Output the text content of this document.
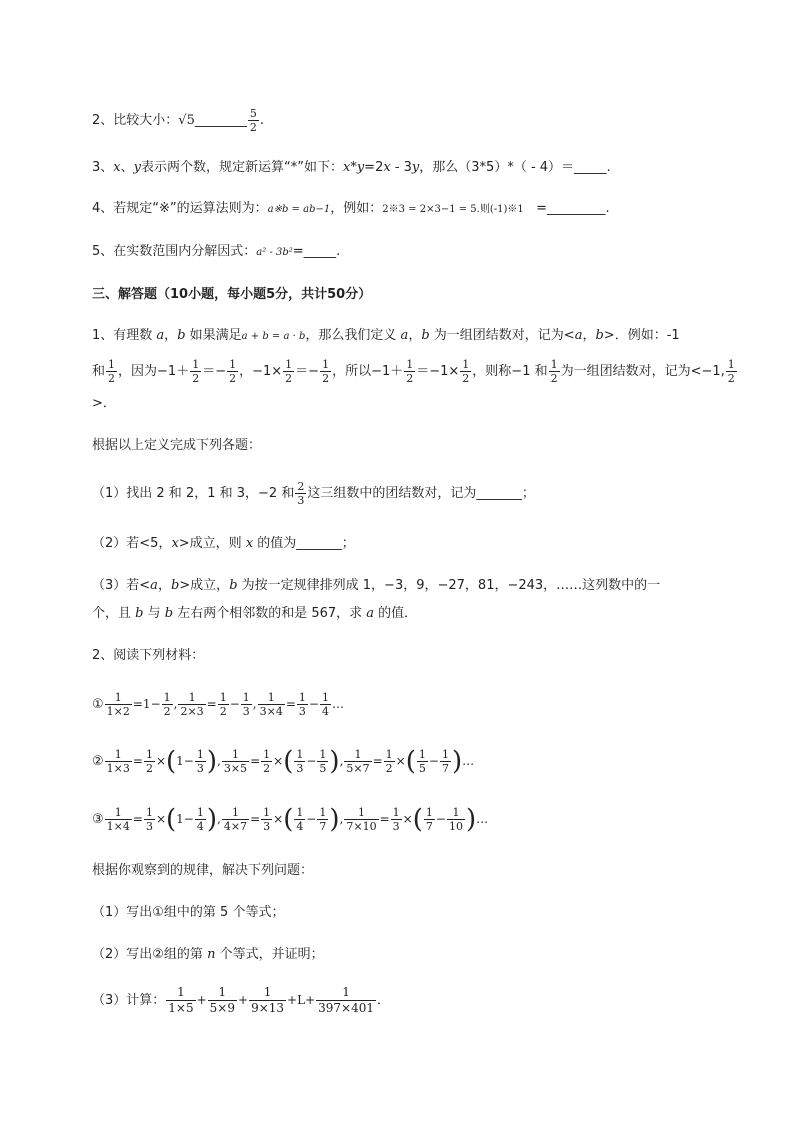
2、比较大小：√5________ $\frac{5}{2}$ .
3、x、y表示两个数，规定新运算“*”如下：x*y=2x - 3y，那么（3*5）*（ - 4）＝_____.
4、若规定“※”的运算法则为：a※b = ab−1，例如：2※3 = 2×3−1 = 5.则(-1)※1 =_________.
5、在实数范围内分解因式：a² - 3b²=_____.
三、解答题（10小题，每小题5分，共计50分）
1、有理数 a，b 如果满足a + b = a · b，那么我们定义 a，b 为一组团结数对，记为<a，b>．例如：-1
和 $\frac{1}{2}$ ，因为$-1+ \frac{1}{2} =- \frac{1}{2}$ ，$-1\times \frac{1}{2} =- \frac{1}{2}$ ，所以$-1+ \frac{1}{2} =-1\times \frac{1}{2}$ ，则称−1 和 $\frac{1}{2}$ 为一组团结数对，记为<−1, $\frac{1}{2}$
>．
根据以上定义完成下列各题：
（1）找出 2 和 2，1 和 3，−2 和 $\frac{2}{3}$ 这三组数中的团结数对，记为_______；
（2）若<5，x>成立，则 x 的值为_______；
（3）若<a，b>成立，b 为按一定规律排列成 1，−3，9，−27，81，−243，……这列数中的一
个，且 b 与 b 左右两个相邻数的和是 567，求 a 的值．
2、阅读下列材料：
① $\frac{1}{1\times 2} =1- \frac{1}{2}$ , $\frac{1}{2\times 3} = \frac{1}{2} - \frac{1}{3}$ , $\frac{1}{3\times 4} = \frac{1}{3} - \frac{1}{4}$ …
② $\frac{1}{1\times 3} = \frac{1}{2} \times(1- \frac{1}{3}$ ), $\frac{1}{3\times 5} = \frac{1}{2}$ ×( $\frac{1}{3} - \frac{1}{5}$ ), $\frac{1}{5\times 7} = \frac{1}{2}$ ×( $\frac{1}{5} - \frac{1}{7}$ )…
③ $\frac{1}{1\times 4} = \frac{1}{3} \times(1- \frac{1}{4}$ ), $\frac{1}{4\times 7} = \frac{1}{3}$ ×( $\frac{1}{4} - \frac{1}{7}$ ), $\frac{1}{7\times 10} = \frac{1}{3}$ ×( $\frac{1}{7} - \frac{1}{10}$ )…
根据你观察到的规律，解决下列问题：
（1）写出①组中的第 5 个等式；
（2）写出②组的第 n 个等式，并证明；
（3）计算： $\frac{1}{1\times 5} + \frac{1}{5\times 9} + \frac{1}{9\times 13} +L+ \frac{1}{397\times 401}$ ．
